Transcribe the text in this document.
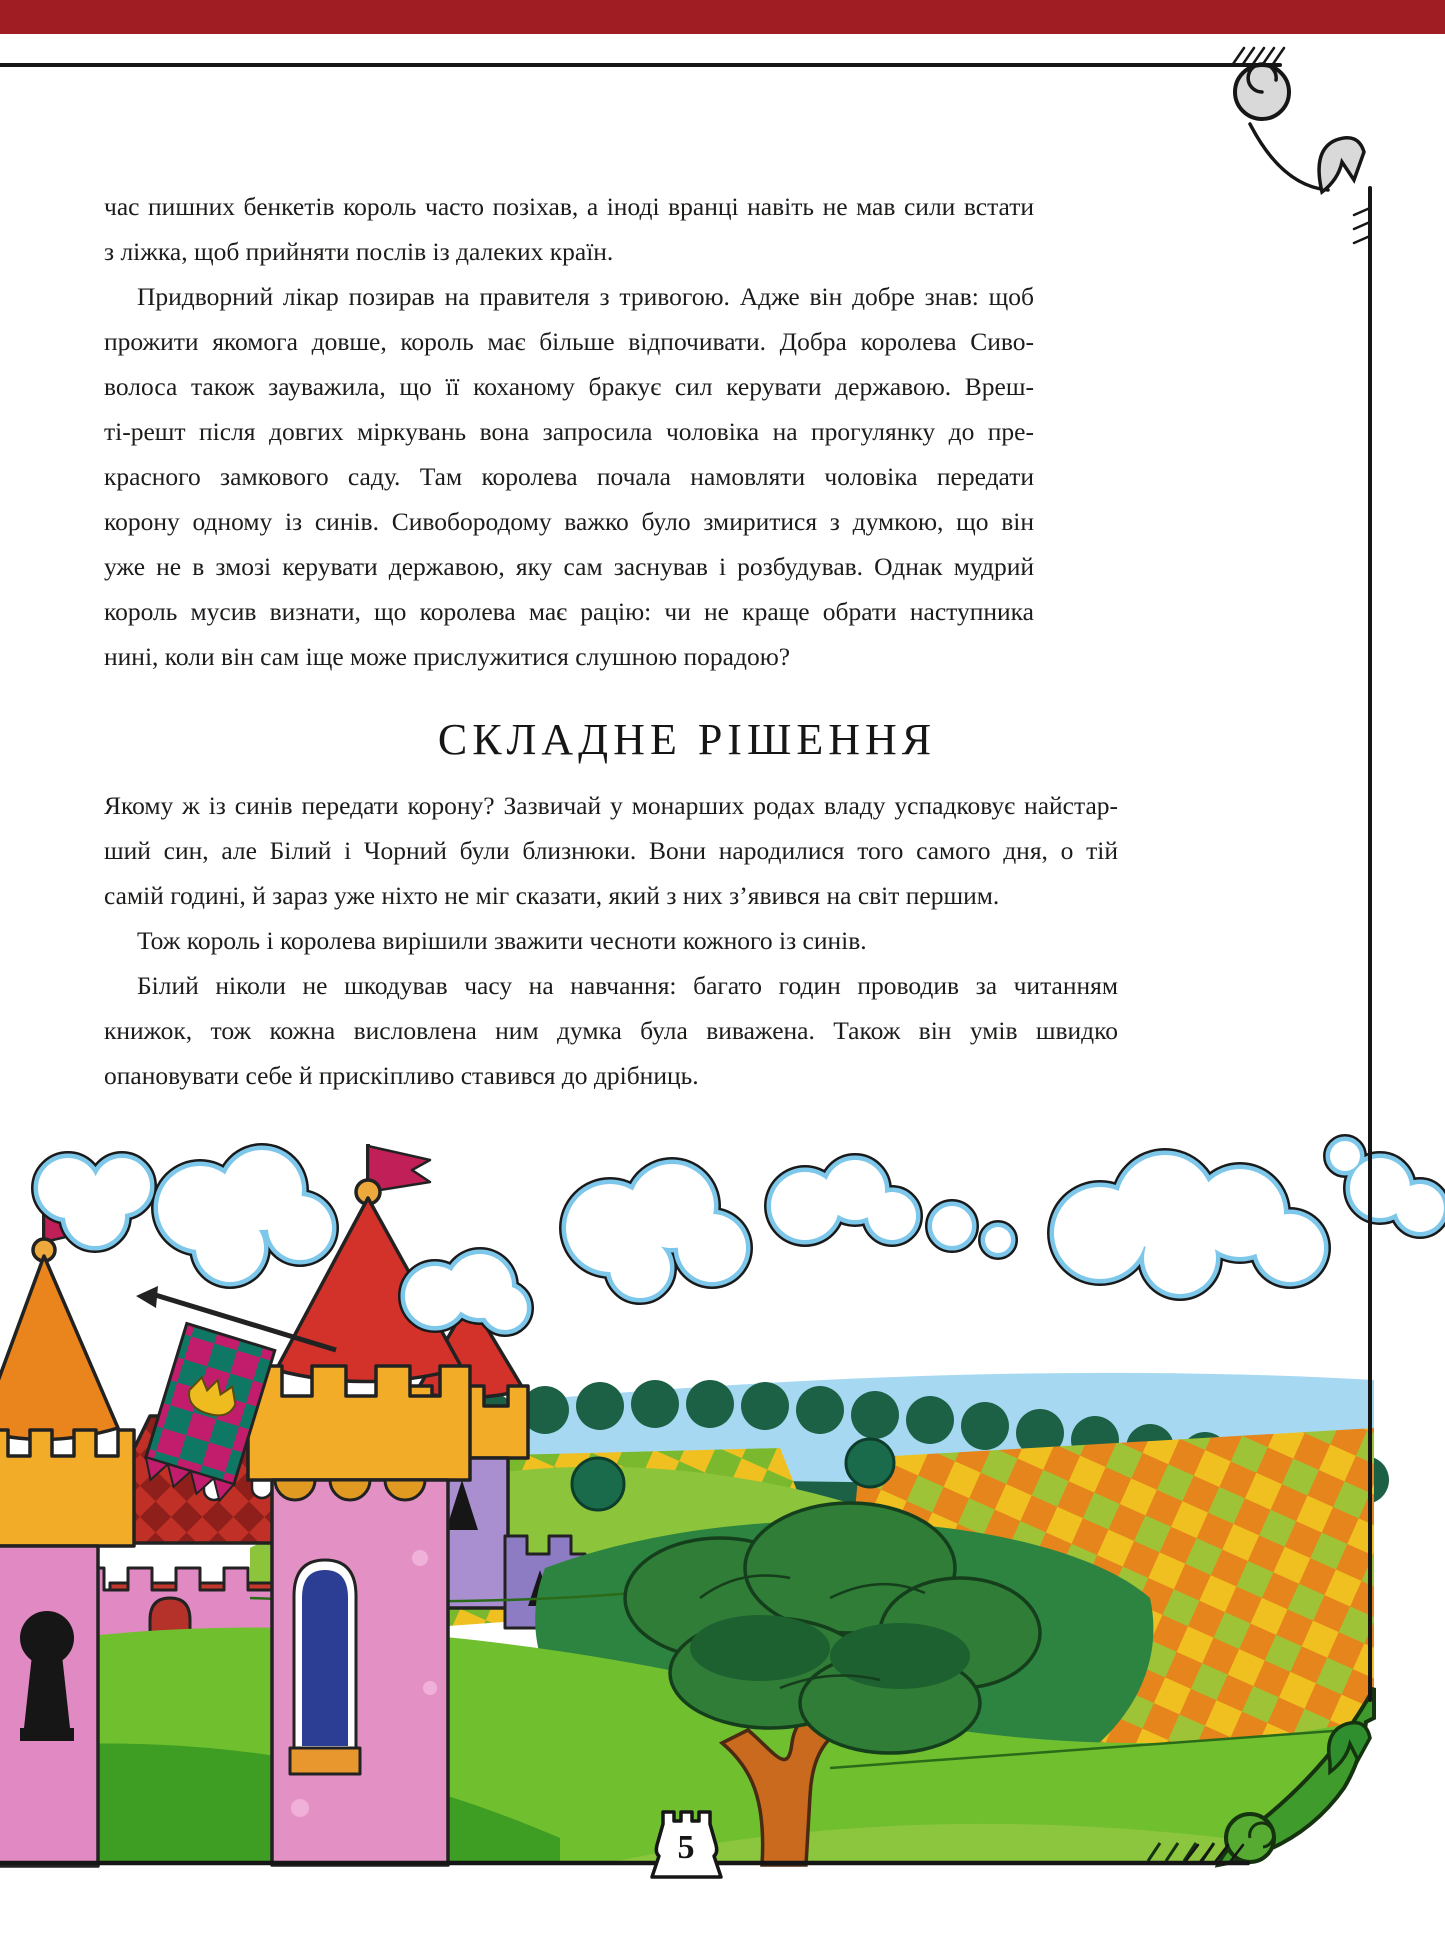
5
час пишних бенкетів король часто позіхав, а іноді вранці навіть не мав сили встати
з ліжка, щоб прийняти послів із далеких країн.
Придворний лікар позирав на правителя з тривогою. Адже він добре знав: щоб
прожити якомога довше, король має більше відпочивати. Добра королева Сиво-
волоса також зауважила, що її коханому бракує сил керувати державою. Вреш-
ті-решт після довгих міркувань вона запросила чоловіка на прогулянку до пре-
красного замкового саду. Там королева почала намовляти чоловіка передати
корону одному із синів. Сивобородому важко було змиритися з думкою, що він
уже не в змозі керувати державою, яку сам заснував і розбудував. Однак мудрий
король мусив визнати, що королева має рацію: чи не краще обрати наступника
нині, коли він сам іще може прислужитися слушною порадою?
СКЛАДНЕ РІШЕННЯ
Якому ж із синів передати корону? Зазвичай у монарших родах владу успадковує найстар-
ший син, але Білий і Чорний були близнюки. Вони народилися того самого дня, о тій
самій годині, й зараз уже ніхто не міг сказати, який з них з’явився на світ першим.
Тож король і королева вирішили зважити чесноти кожного із синів.
Білий ніколи не шкодував часу на навчання: багато годин проводив за читанням
книжок, тож кожна висловлена ним думка була виважена. Також він умів швидко
опановувати себе й прискіпливо ставився до дрібниць.
